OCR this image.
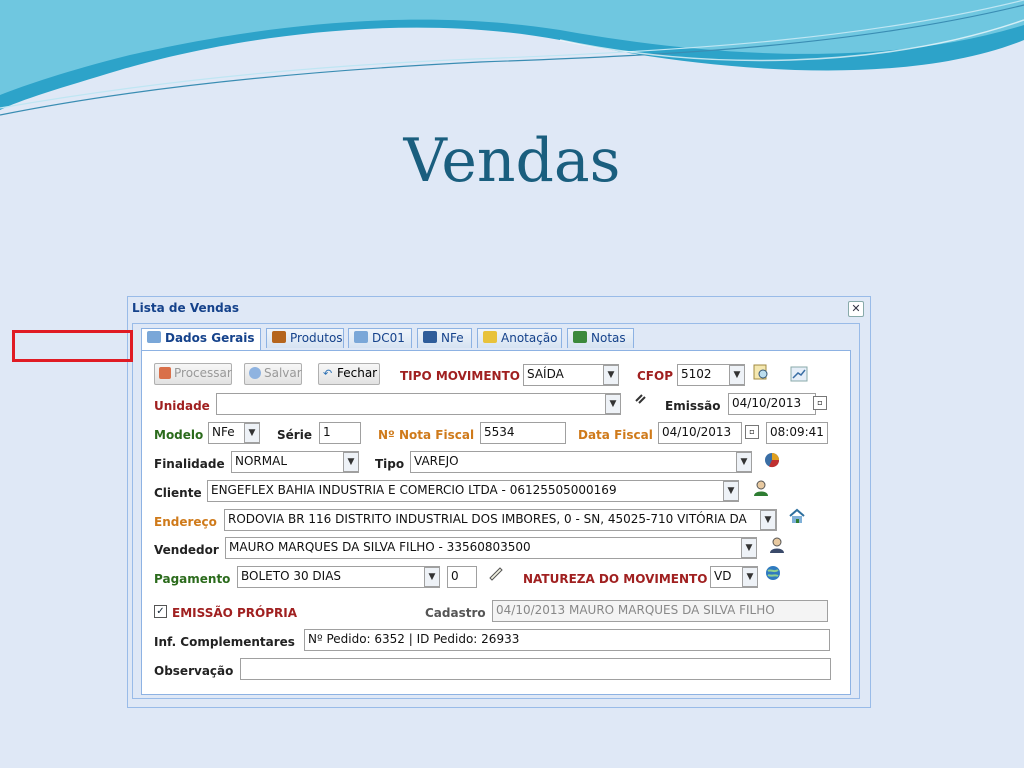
Vendas
Lista de Vendas	✕
Dados Gerais	Produtos	DC01	NFe	Anotação	Notas
Processar	Salvar	↶ Fechar TIPO MOVIMENTO SAÍDA	▼	CFOP 5102	▼
Unidade	▼	Emissão 04/10/2013	▫
Modelo NFe	▼	Série 1	Nº Nota Fiscal 5534	Data Fiscal 04/10/2013	▫	08:09:41
Finalidade NORMAL	▼	Tipo VAREJO	▼
Cliente ENGEFLEX BAHIA INDUSTRIA E COMERCIO LTDA - 06125505000169	▼
Endereço RODOVIA BR 116 DISTRITO INDUSTRIAL DOS IMBORES, 0 - SN, 45025-710 VITÓRIA DA	▼
Vendedor MAURO MARQUES DA SILVA FILHO - 33560803500	▼
Pagamento BOLETO 30 DIAS	▼	0	NATUREZA DO MOVIMENTO VD	▼
✓ EMISSÃO PRÓPRIA	Cadastro 04/10/2013 MAURO MARQUES DA SILVA FILHO
Inf. Complementares	Nº Pedido: 6352 | ID Pedido: 26933
Observação
